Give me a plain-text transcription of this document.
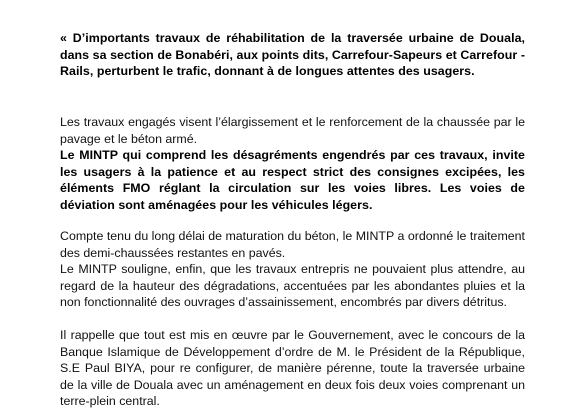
« D’importants travaux de réhabilitation de la traversée urbaine de Douala, dans sa section de Bonabéri, aux points dits, Carrefour-Sapeurs et Carrefour -Rails, perturbent le trafic, donnant à de longues attentes des usagers.

Les travaux engagés visent l’élargissement et le renforcement de la chaussée par le pavage et le béton armé.

Le MINTP qui comprend les désagréments engendrés par ces travaux, invite les usagers à la patience et au respect strict des consignes excipées, les éléments FMO réglant la circulation sur les voies libres. Les voies de déviation sont aménagées pour les véhicules légers.

Compte tenu du long délai de maturation du béton, le MINTP a ordonné le traitement des demi-chaussées restantes en pavés.

Le MINTP souligne, enfin, que les travaux entrepris ne pouvaient plus attendre, au regard de la hauteur des dégradations, accentuées par les abondantes pluies et la non fonctionnalité des ouvrages d’assainissement, encombrés par divers détritus.

Il rappelle que tout est mis en œuvre par le Gouvernement, avec le concours de la Banque Islamique de Développement d’ordre de M. le Président de la République, S.E Paul BIYA, pour re configurer, de manière pérenne, toute la traversée urbaine de la ville de Douala avec un aménagement en deux fois deux voies comprenant un terre-plein central.
